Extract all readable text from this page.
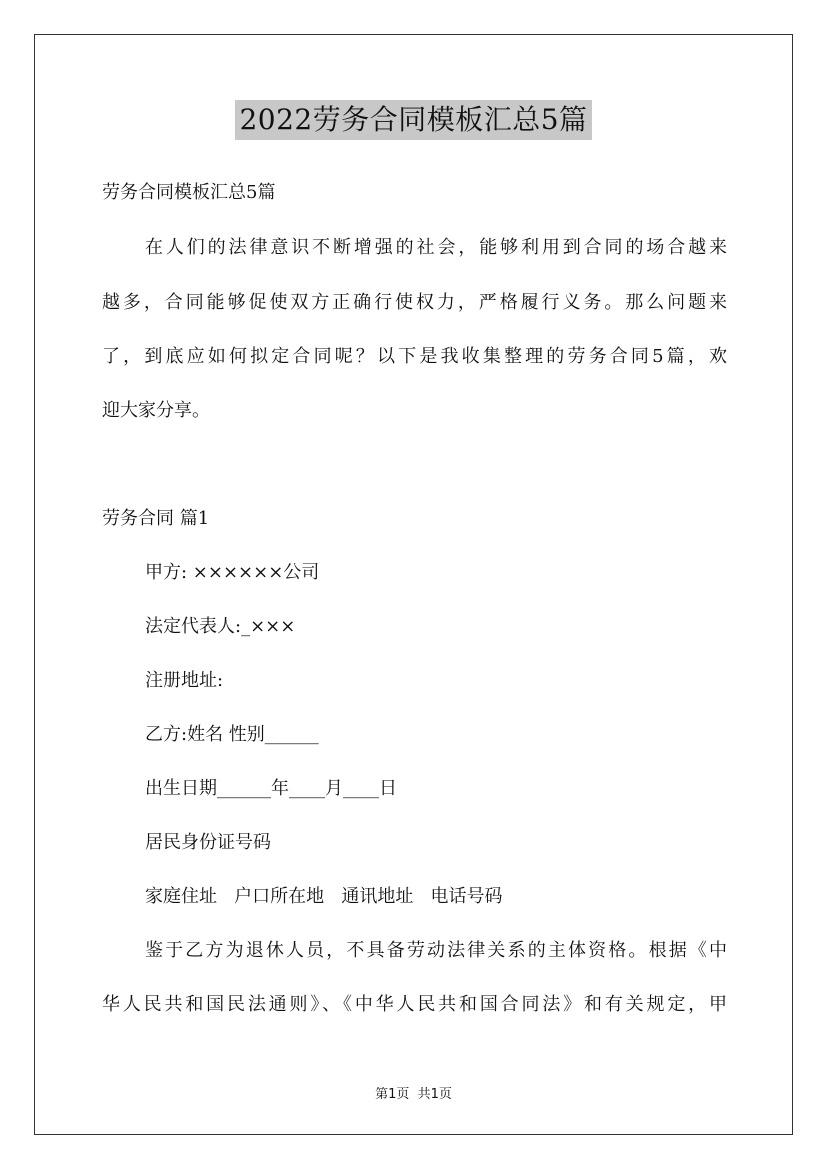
2022劳务合同模板汇总5篇
劳务合同模板汇总5篇
在人们的法律意识不断增强的社会，能够利用到合同的场合越来
越多，合同能够促使双方正确行使权力，严格履行义务。那么问题来
了，到底应如何拟定合同呢？以下是我收集整理的劳务合同5篇，欢
迎大家分享。
劳务合同 篇1
甲方: ××××××公司
法定代表人:_×××
注册地址:
乙方:姓名 性别______
出生日期______年____月____日
居民身份证号码
家庭住址   户口所在地   通讯地址   电话号码
鉴于乙方为退休人员，不具备劳动法律关系的主体资格。根据《中
华人民共和国民法通则》、《中华人民共和国合同法》和有关规定，甲
第1页  共1页
